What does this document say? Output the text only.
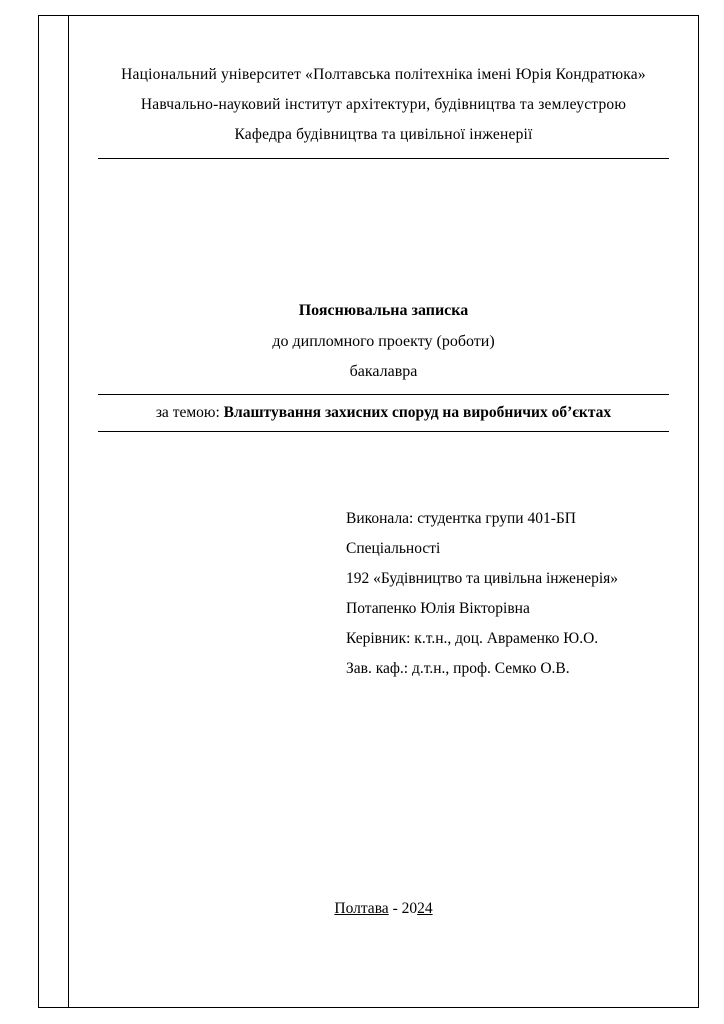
Національний університет «Полтавська політехніка імені Юрія Кондратюка»
Навчально-науковий інститут архітектури, будівництва та землеустрою
Кафедра будівництва та цивільної інженерії
Пояснювальна записка
до дипломного проекту (роботи)
бакалавра
за темою: Влаштування захисних споруд на виробничих об’єктах
Виконала: студентка групи 401-БП
Спеціальності
192 «Будівництво та цивільна інженерія»
Потапенко Юлія Вікторівна
Керівник: к.т.н., доц. Авраменко Ю.О.
Зав. каф.: д.т.н., проф. Семко О.В.
Полтава - 2024
